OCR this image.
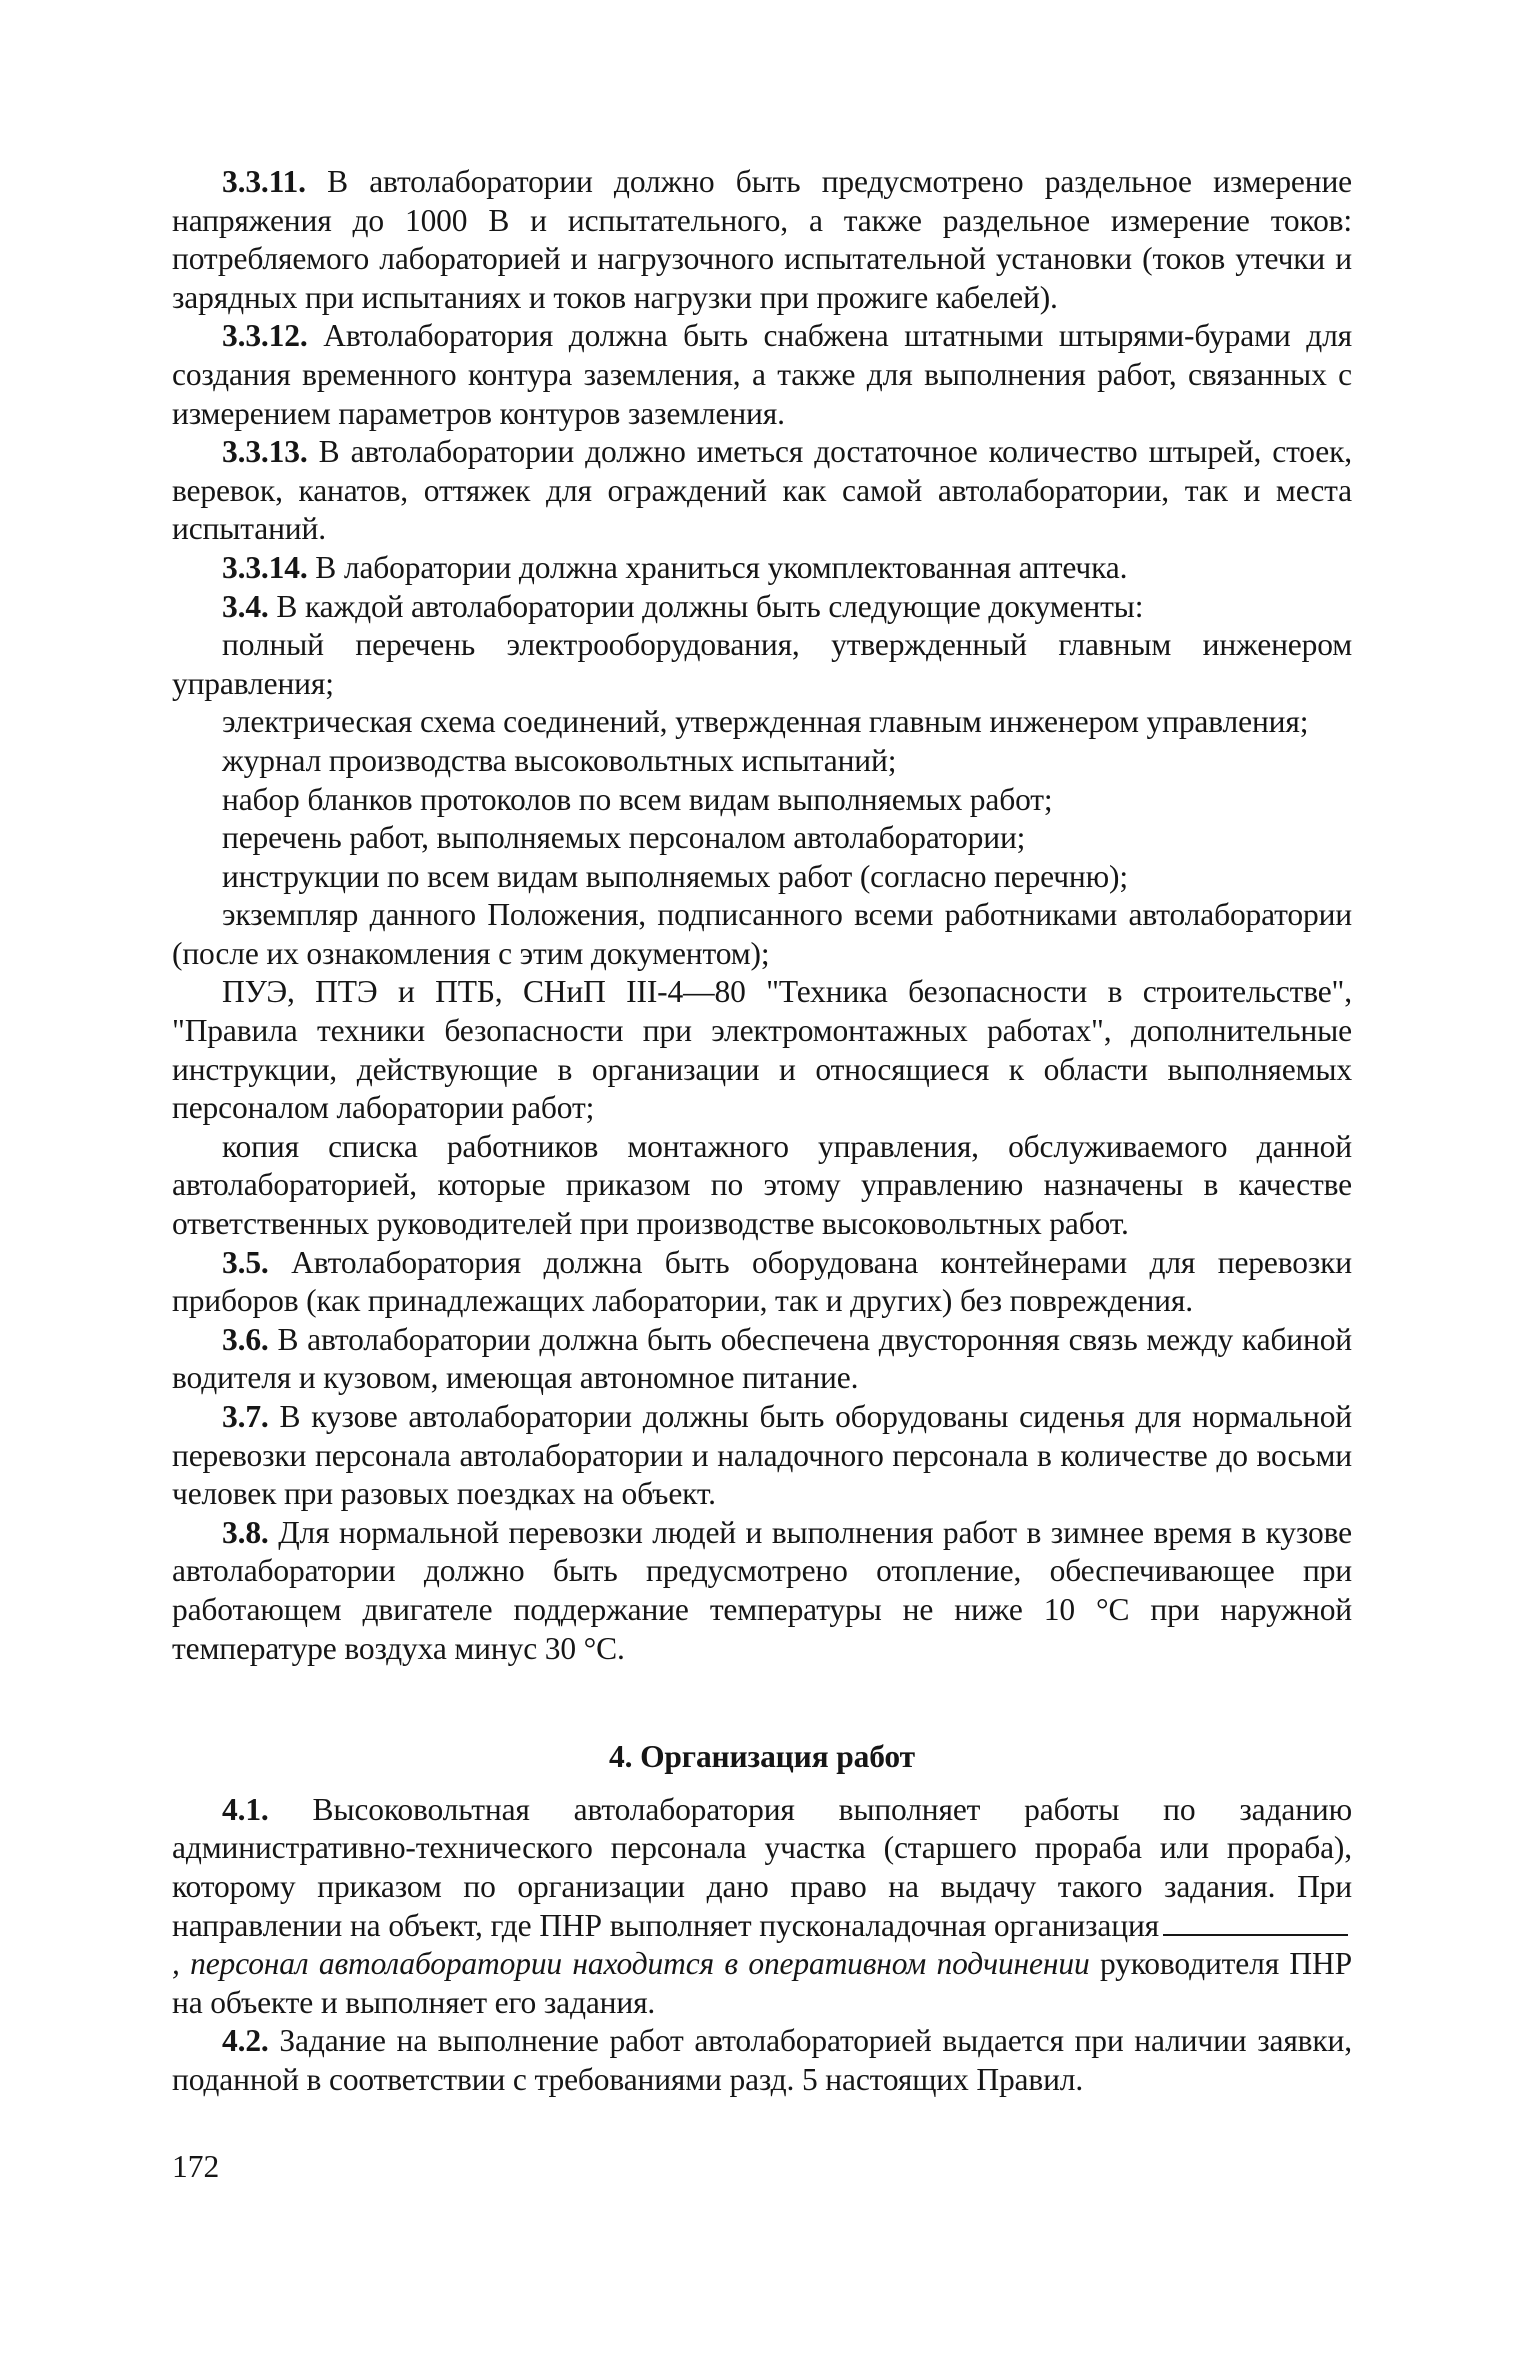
3.3.11. В автолаборатории должно быть предусмотрено раздельное измерение напряжения до 1000 В и испытательного, а также раздельное измерение токов: потребляемого лабораторией и нагрузочного испытательной установки (токов утечки и зарядных при испытаниях и токов нагрузки при прожиге кабелей).

3.3.12. Автолаборатория должна быть снабжена штатными штырями-бурами для создания временного контура заземления, а также для выполнения работ, связанных с измерением параметров контуров заземления.

3.3.13. В автолаборатории должно иметься достаточное количество штырей, стоек, веревок, канатов, оттяжек для ограждений как самой автолаборатории, так и места испытаний.

3.3.14. В лаборатории должна храниться укомплектованная аптечка.

3.4. В каждой автолаборатории должны быть следующие документы:

полный перечень электрооборудования, утвержденный главным инженером управления;

электрическая схема соединений, утвержденная главным инженером управления;

журнал производства высоковольтных испытаний;

набор бланков протоколов по всем видам выполняемых работ;

перечень работ, выполняемых персоналом автолаборатории;

инструкции по всем видам выполняемых работ (согласно перечню);

экземпляр данного Положения, подписанного всеми работниками автолаборатории (после их ознакомления с этим документом);

ПУЭ, ПТЭ и ПТБ, СНиП III-4—80 "Техника безопасности в строительстве", "Правила техники безопасности при электромонтажных работах", дополнительные инструкции, действующие в организации и относящиеся к области выполняемых персоналом лаборатории работ;

копия списка работников монтажного управления, обслуживаемого данной автолабораторией, которые приказом по этому управлению назначены в качестве ответственных руководителей при производстве высоковольтных работ.

3.5. Автолаборатория должна быть оборудована контейнерами для перевозки приборов (как принадлежащих лаборатории, так и других) без повреждения.

3.6. В автолаборатории должна быть обеспечена двусторонняя связь между кабиной водителя и кузовом, имеющая автономное питание.

3.7. В кузове автолаборатории должны быть оборудованы сиденья для нормальной перевозки персонала автолаборатории и наладочного персонала в количестве до восьми человек при разовых поездках на объект.

3.8. Для нормальной перевозки людей и выполнения работ в зимнее время в кузове автолаборатории должно быть предусмотрено отопление, обеспечивающее при работающем двигателе поддержание температуры не ниже 10 °С при наружной температуре воздуха минус 30 °С.

4. Организация работ

4.1. Высоковольтная автолаборатория выполняет работы по заданию административно-технического персонала участка (старшего прораба или прораба), которому приказом по организации дано право на выдачу такого задания. При направлении на объект, где ПНР выполняет пусконаладочная организация, персонал автолаборатории находится в оперативном подчинении руководителя ПНР на объекте и выполняет его задания.

4.2. Задание на выполнение работ автолабораторией выдается при наличии заявки, поданной в соответствии с требованиями разд. 5 настоящих Правил.

172
